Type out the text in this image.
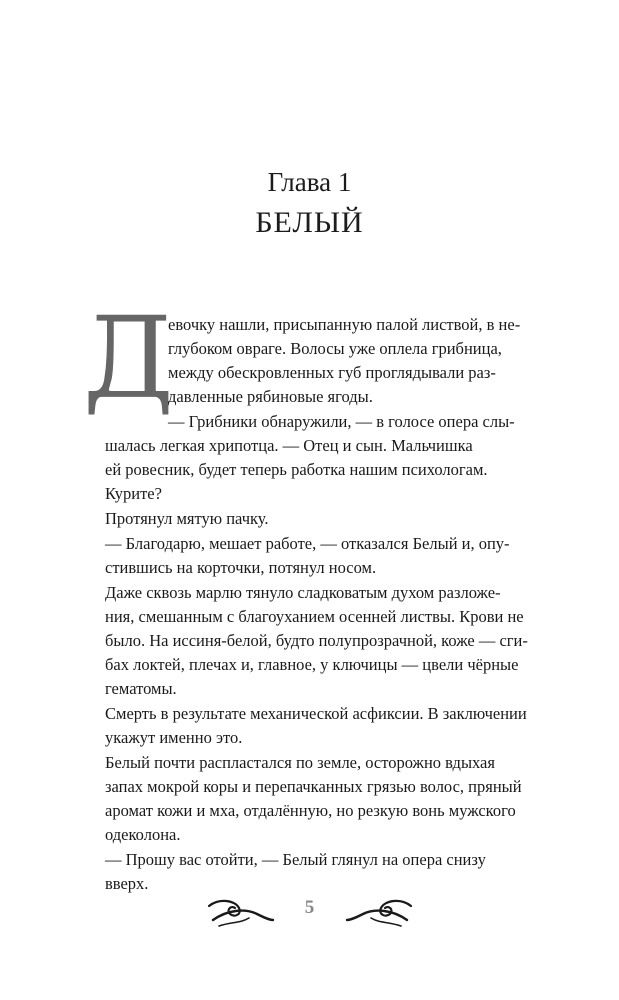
Глава 1
БЕЛЫЙ
Д
евочку нашли, присыпанную палой листвой, в не-
глубоком овраге. Волосы уже оплела грибница,
между обескровленных губ проглядывали раз-
давленные рябиновые ягоды.
— Грибники обнаружили, — в голосе опера слы-
шалась легкая хрипотца. — Отец и сын. Мальчишка
ей ровесник, будет теперь работка нашим психологам.
Курите?
Протянул мятую пачку.
— Благодарю, мешает работе, — отказался Белый и, опу-
стившись на корточки, потянул носом.
Даже сквозь марлю тянуло сладковатым духом разложе-
ния, смешанным с благоуханием осенней листвы. Крови не
было. На иссиня-белой, будто полупрозрачной, коже — сги-
бах локтей, плечах и, главное, у ключицы — цвели чёрные
гематомы.
Смерть в результате механической асфиксии. В заключении
укажут именно это.
Белый почти распластался по земле, осторожно вдыхая
запах мокрой коры и перепачканных грязью волос, пряный
аромат кожи и мха, отдалённую, но резкую вонь мужского
одеколона.
— Прошу вас отойти, — Белый глянул на опера снизу
вверх.
5
